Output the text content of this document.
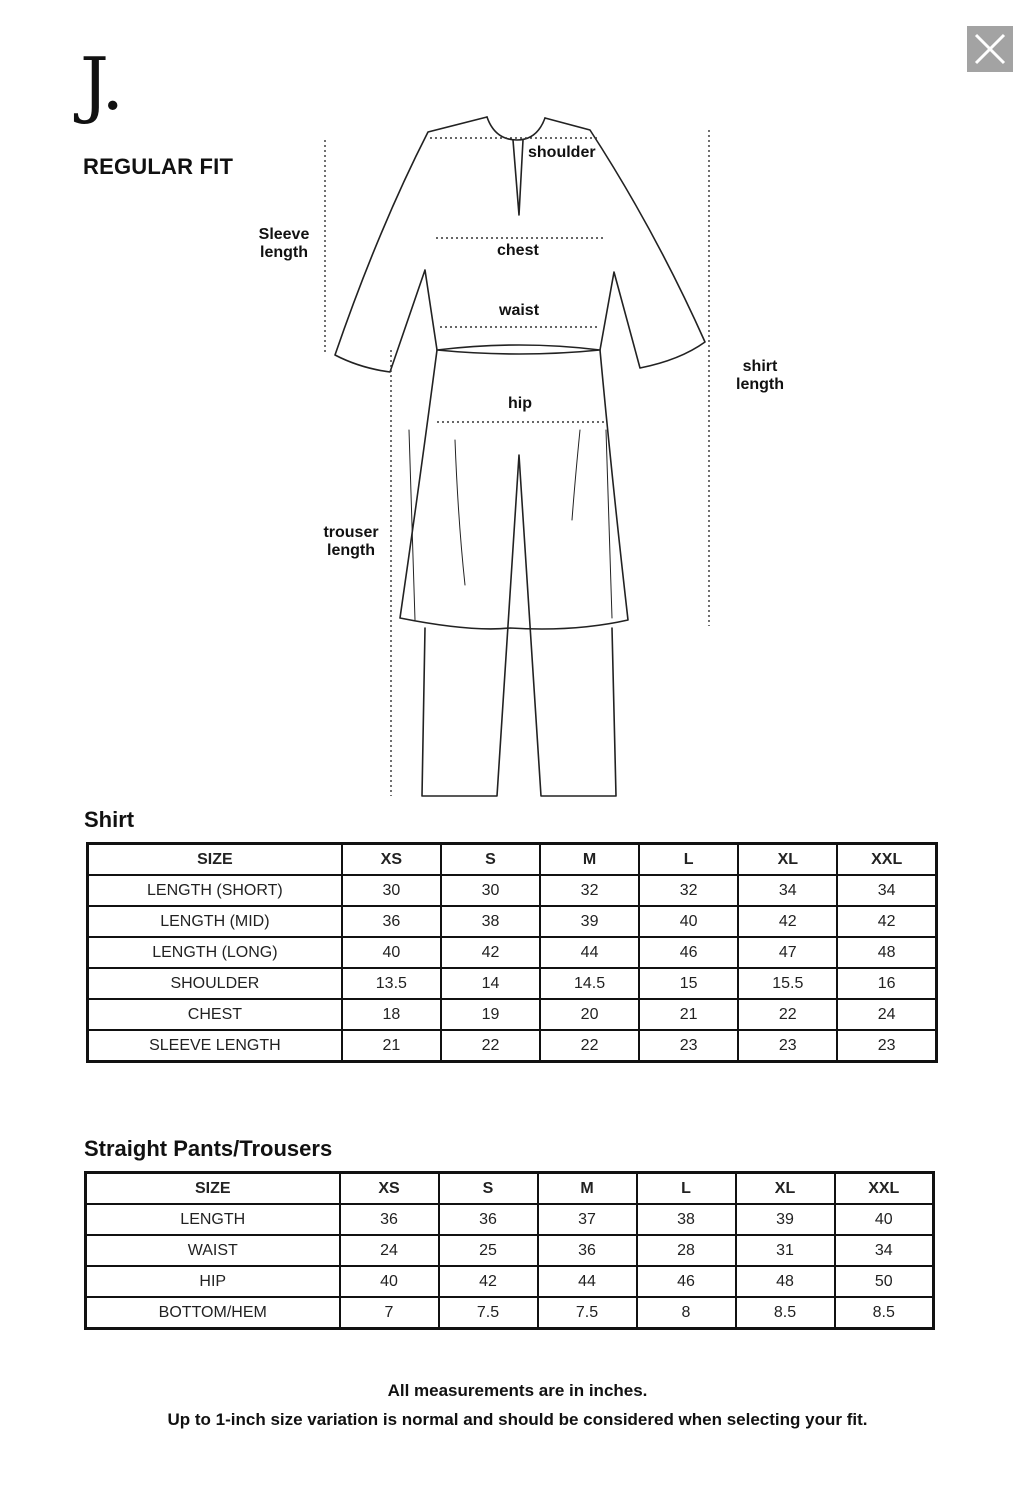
J.
REGULAR FIT
shoulder
chest
waist
hip
Sleeve
length
shirt
length
trouser
length
Shirt
SIZE	XS	S	M	L	XL	XXL
LENGTH (SHORT)	30	30	32	32	34	34
LENGTH (MID)	36	38	39	40	42	42
LENGTH (LONG)	40	42	44	46	47	48
SHOULDER	13.5	14	14.5	15	15.5	16
CHEST	18	19	20	21	22	24
SLEEVE LENGTH	21	22	22	23	23	23
Straight Pants/Trousers
SIZE	XS	S	M	L	XL	XXL
LENGTH	36	36	37	38	39	40
WAIST	24	25	36	28	31	34
HIP	40	42	44	46	48	50
BOTTOM/HEM	7	7.5	7.5	8	8.5	8.5
All measurements are in inches.
Up to 1-inch size variation is normal and should be considered when selecting your fit.
